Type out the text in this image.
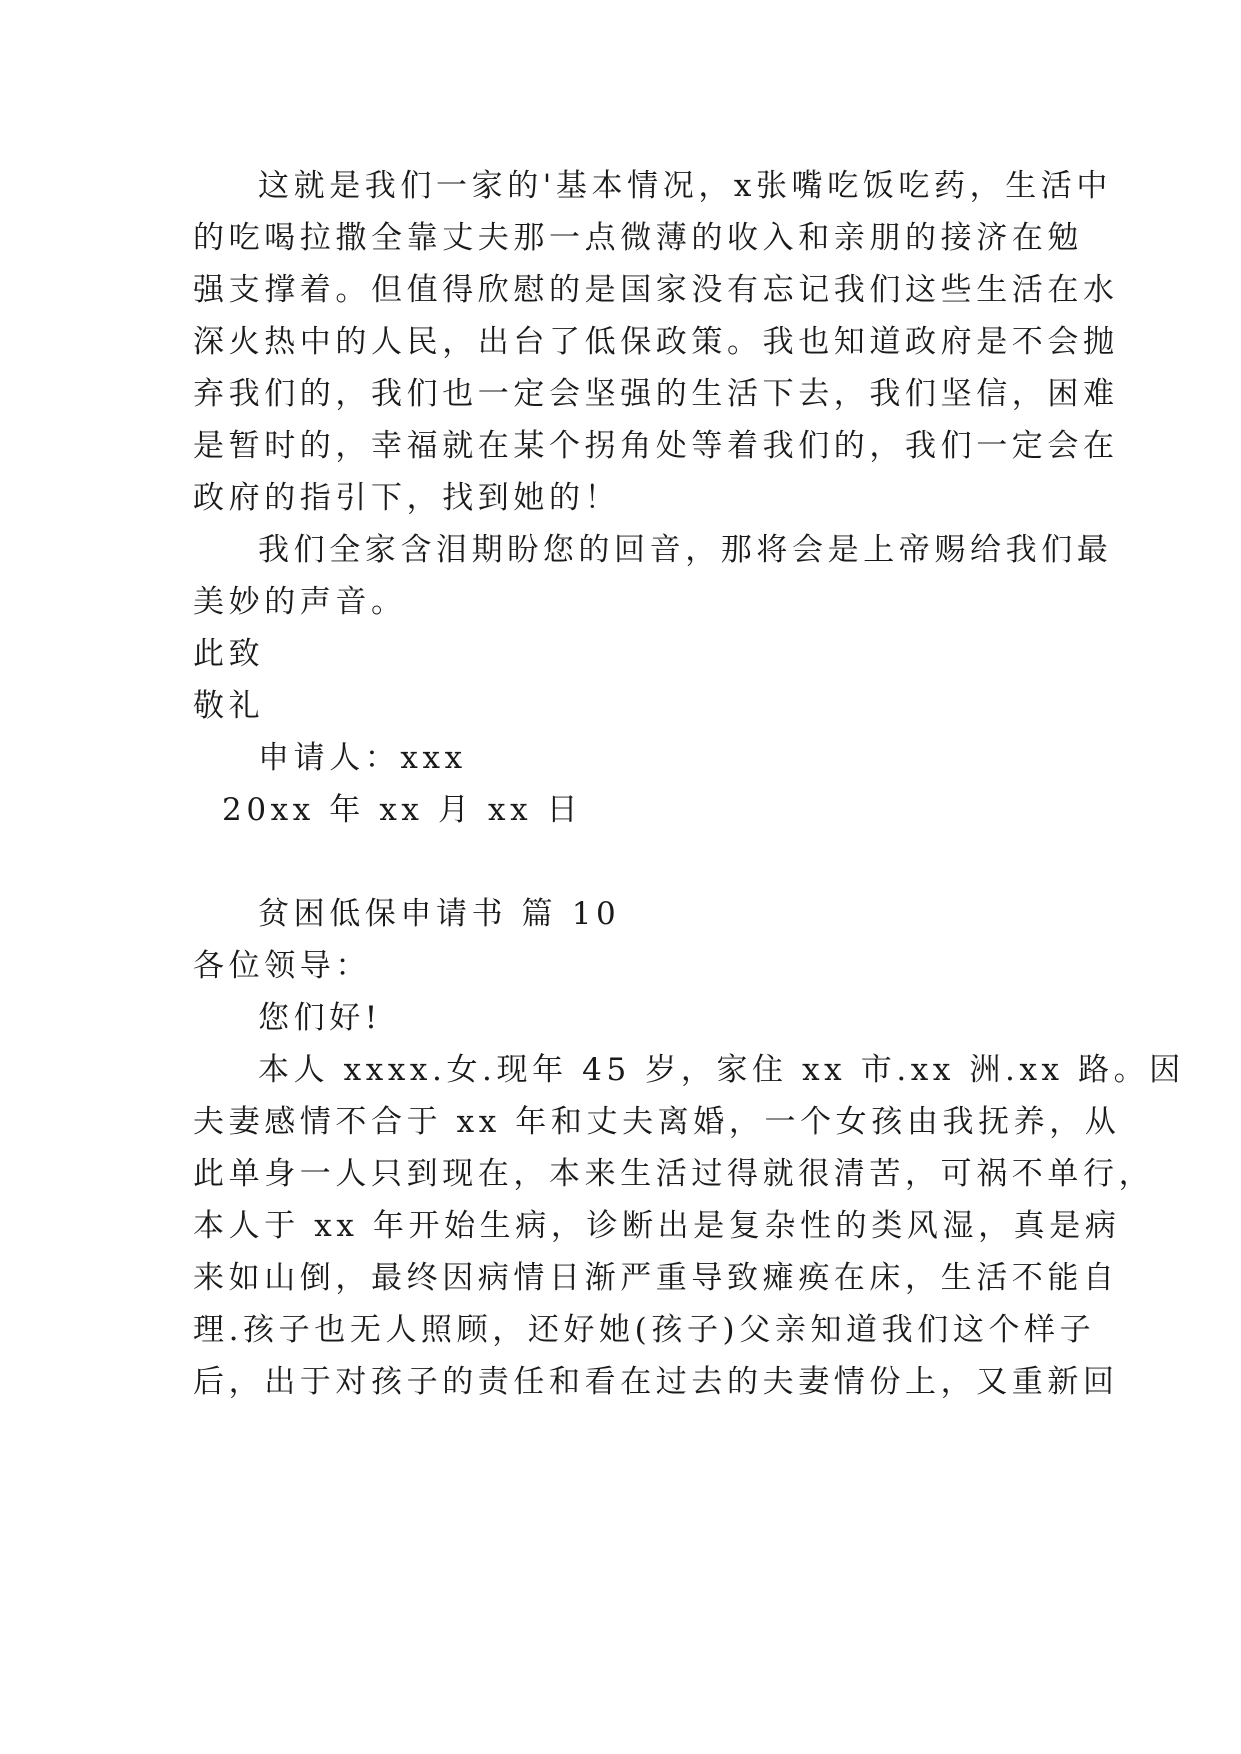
这就是我们一家的'基本情况，x张嘴吃饭吃药，生活中
的吃喝拉撒全靠丈夫那一点微薄的收入和亲朋的接济在勉
强支撑着。但值得欣慰的是国家没有忘记我们这些生活在水
深火热中的人民，出台了低保政策。我也知道政府是不会抛
弃我们的，我们也一定会坚强的生活下去，我们坚信，困难
是暂时的，幸福就在某个拐角处等着我们的，我们一定会在
政府的指引下，找到她的！
我们全家含泪期盼您的回音，那将会是上帝赐给我们最
美妙的声音。
此致
敬礼
申请人：xxx
20xx 年 xx 月 xx 日
贫困低保申请书 篇 10
各位领导：
您们好!
本人 xxxx.女.现年 45 岁，家住 xx 市.xx 洲.xx 路。因
夫妻感情不合于 xx 年和丈夫离婚，一个女孩由我抚养，从
此单身一人只到现在，本来生活过得就很清苦，可祸不单行，
本人于 xx 年开始生病，诊断出是复杂性的类风湿，真是病
来如山倒，最终因病情日渐严重导致瘫痪在床，生活不能自
理.孩子也无人照顾，还好她(孩子)父亲知道我们这个样子
后，出于对孩子的责任和看在过去的夫妻情份上，又重新回
